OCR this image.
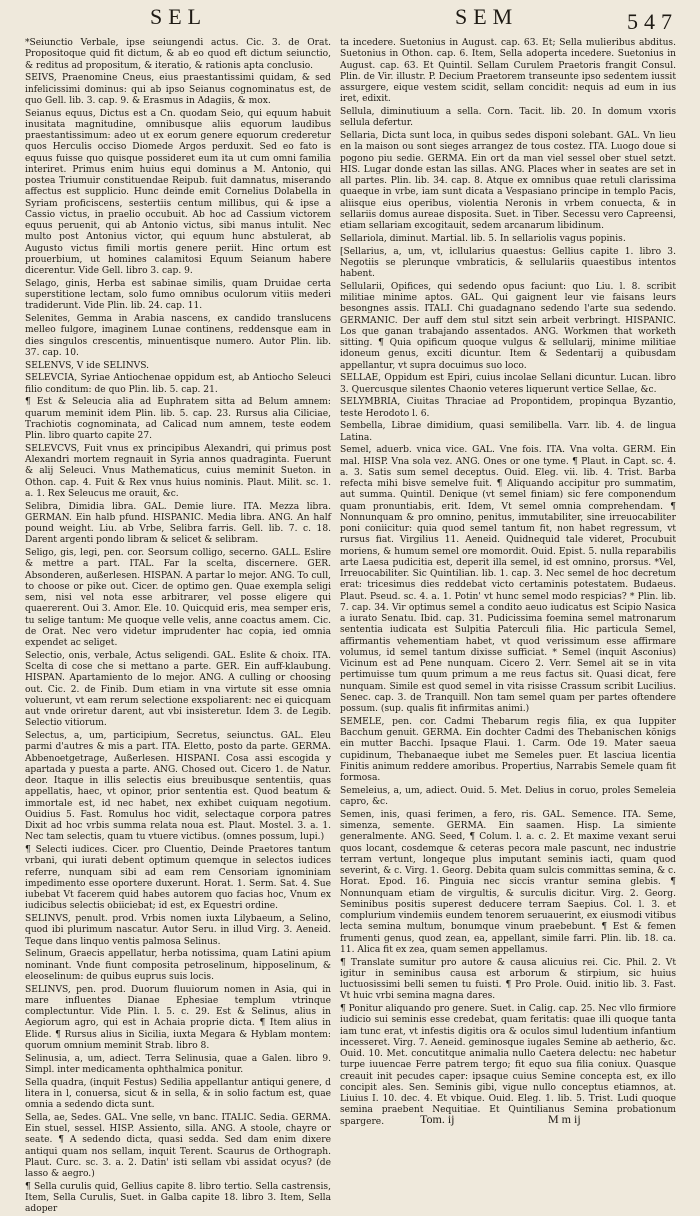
SEL	SEM	547

*Seiunctio Verbale, ipse seiungendi actus. Cic. 3. de Orat. Propositoque quid fit dictum, & ab eo quod eft dictum seiunctio, & reditus ad propositum, & iteratio, & rationis apta conclusio.

SEIVS, Praenomine Cneus, eius praestantissimi quidam, & sed infelicissimi dominus: qui ab ipso Seianus cognominatus est, de quo Gell. lib. 3. cap. 9. & Erasmus in Adagiis, & mox.

Seianus equus, Dictus est a Cn. quodam Seio, qui equum habuit inusitata magnitudine, omnibusque aliis equorum laudibus praestantissimum: adeo ut ex eorum genere equorum crederetur quos Herculis occiso Diomede Argos perduxit. Sed eo fato is equus fuisse quo quisque possideret eum ita ut cum omni familia interiret. Primus enim huius equi dominus a M. Antonio, qui postea Triumuir constituendae Reipub. fuit damnatus, miserando affectus est supplicio. Hunc deinde emit Cornelius Dolabella in Syriam proficiscens, sestertiis centum millibus, qui & ipse a Cassio victus, in praelio occubuit. Ab hoc ad Cassium victorem equus peruenit, qui ab Antonio victus, sibi manus intulit. Nec multo post Antonius victor, qui equum hunc abstulerat, ab Augusto victus fimili mortis genere periit. Hinc ortum est prouerbium, ut homines calamitosi Equum Seianum habere dicerentur. Vide Gell. libro 3. cap. 9.

Selago, ginis, Herba est sabinae similis, quam Druidae certa superstitione lectam, solo fumo omnibus oculorum vitiis mederi tradiderunt. Vide Plin. lib. 24. cap. 11.

Selenites, Gemma in Arabia nascens, ex candido translucens melleo fulgore, imaginem Lunae continens, reddensque eam in dies singulos crescentis, minuentisque numero. Autor Plin. lib. 37. cap. 10.

SELENVS, V ide SELINVS.

SELEVCIA, Syriae Antiochenae oppidum est, ab Antiocho Seleuci filio conditum: de quo Plin. lib. 5. cap. 21.

¶ Est & Seleucia alia ad Euphratem sitta ad Belum amnem: quarum meminit idem Plin. lib. 5. cap. 23. Rursus alia Ciliciae, Trachiotis cognominata, ad Calicad num amnem, teste eodem Plin. libro quarto capite 27.

SELEVCVS, Fuit vnus ex principibus Alexandri, qui primus post Alexandri mortem regnauit in Syria annos quadraginta. Fuerunt & alij Seleuci. Vnus Mathematicus, cuius meminit Sueton. in Othon. cap. 4. Fuit & Rex vnus huius nominis. Plaut. Milit. sc. 1. a. 1. Rex Seleucus me orauit, &c.

Selibra, Dimidia libra. GAL. Demie liure. ITA. Mezza libra. GERMAN. Ein halb pfund. HISPANIC. Media libra. ANG. An half pound weight. Liu. ab Vrbe, Selibra farris. Gell. lib. 7. c. 18. Darent argenti pondo libram & selicet & selibram.

Seligo, gis, legi, pen. cor. Seorsum colligo, secerno. GALL. Eslire & mettre a part. ITAL. Far la scelta, discernere. GER. Absonderen, außerlesen. HISPAN. A partar lo mejor. ANG. To cull, to choose or pike out. Cicer. de optimo gen. Quae exempla seligi sem, nisi vel nota esse arbitrarer, vel posse eligere qui quaererent. Oui 3. Amor. Ele. 10. Quicquid eris, mea semper eris, tu selige tantum: Me quoque velle velis, anne coactus amem. Cic. de Orat. Nec vero videtur imprudenter hac copia, ied omnia expendet ac seliget.

Selectio, onis, verbale, Actus seligendi. GAL. Eslite & choix. ITA. Scelta di cose che si mettano a parte. GER. Ein auff-klaubung. HISPAN. Apartamiento de lo mejor. ANG. A culling or choosing out. Cic. 2. de Finib. Dum etiam in vna virtute sit esse omnia voluerunt, vt eam rerum selectione exspoliarent: nec ei quicquam aut vnde oriretur darent, aut vbi insisteretur. Idem 3. de Legib. Selectio vitiorum.

Selectus, a, um, participium, Secretus, seiunctus. GAL. Eleu parmi d'autres & mis a part. ITA. Eletto, posto da parte. GERMA. Abbenoetgetrage, Außerlesen. HISPANI. Cosa assi escogida y apartada y puesta a parte. ANG. Chosed out. Cicero 1. de Natur. deor. Itaque in illis selectis eius breuibusque sententiis, quas appellatis, haec, vt opinor, prior sententia est. Quod beatum & immortale est, id nec habet, nex exhibet cuiquam negotium. Ouidius 5. Fast. Romulus hoc vidit, selectaque corpora patres Dixit ad hoc vrbis summa relata noua est. Plaut. Mostel. 3. a. 1. Nec tam selectis, quam tu vtuere victibus. (omnes possum, lupi.)

¶ Selecti iudices. Cicer. pro Cluentio, Deinde Praetores tantum vrbani, qui iurati debent optimum quemque in selectos iudices referre, nunquam sibi ad eam rem Censoriam ignominiam impedimento esse oportere duxerunt. Horat. 1. Serm. Sat. 4. Sue iubebat Vt facerem quid habes autorem quo facias hoc, Vnum ex iudicibus selectis obiiciebat; id est, ex Equestri ordine.

SELINVS, penult. prod. Vrbis nomen iuxta Lilybaeum, a Selino, quod ibi plurimum nascatur. Autor Seru. in illud Virg. 3. Aeneid. Teque dans linquo ventis palmosa Selinus.

Selinum, Graecis appellatur, herba notissima, quam Latini apium nominant. Vnde fiunt composita petroselinum, hipposelinum, & eleoselinum: de quibus euprus suis locis.

SELINVS, pen. prod. Duorum fluuiorum nomen in Asia, qui in mare influentes Dianae Ephesiae templum vtrinque complectuntur. Vide Plin. l. 5. c. 29. Est & Selinus, alius in Aegiorum agro, qui est in Achaia proprie dicta. ¶ Item alius in Elide. ¶ Rursus alius in Sicilia, iuxta Megara & Hyblam montem: quorum omnium meminit Strab. libro 8.

Selinusia, a, um, adiect. Terra Selinusia, quae a Galen. libro 9. Simpl. inter medicamenta ophthalmica ponitur.

Sella quadra, (inquit Festus) Sedilia appellantur antiqui genere, d litera in l, conuersa, sicut & in sella, & in solio factum est, quae omnia a sedendo dicta sunt.

Sella, ae, Sedes. GAL. Vne selle, vn banc. ITALIC. Sedia. GERMA. Ein stuel, sessel. HISP. Assiento, silla. ANG. A stoole, chayre or seate. ¶ A sedendo dicta, quasi sedda. Sed dam enim dixere antiqui quam nos sellam, inquit Terent. Scaurus de Orthograph. Plaut. Curc. sc. 3. a. 2. Datin' isti sellam vbi assidat ocyus? (de lasso & aegro.)

¶ Sella curulis quid, Gellius capite 8. libro tertio. Sella castrensis, Item, Sella Curulis, Suet. in Galba capite 18. libro 3. Item, Sella adoper

ta incedere. Suetonius in August. cap. 63. Et; Sella mulieribus abditus. Suetonius in Othon. cap. 6. Item, Sella adoperta incedere. Suetonius in August. cap. 63. Et Quintil. Sellam Curulem Praetoris frangit Consul. Plin. de Vir. illustr. P. Decium Praetorem transeunte ipso sedentem iussit assurgere, eique vestem scidit, sellam concidit: nequis ad eum in ius iret, edixit.

Sellula, diminutiuum a sella. Corn. Tacit. lib. 20. In domum vxoris sellula defertur.

Sellaria, Dicta sunt loca, in quibus sedes disponi solebant. GAL. Vn lieu en la maison ou sont sieges arrangez de tous costez. ITA. Luogo doue si pogono piu sedie. GERMA. Ein ort da man viel sessel ober stuel setzt. HIS. Lugar donde estan las sillas. ANG. Places wher in seates are set in all partes. Plin. lib. 34. cap. 8. Atque ex omnibus quae retuli clarissima quaeque in vrbe, iam sunt dicata a Vespasiano principe in templo Pacis, aliisque eius operibus, violentia Neronis in vrbem conuecta, & in sellariis domus aureae disposita. Suet. in Tiber. Secessu vero Capreensi, etiam sellariam excogitauit, sedem arcanarum libidinum.

Sellariola, diminut. Martial. lib. 5. In sellariolis vagus popinis.

[Sellarius, a, um, vt, icllularius quaestus: Gellius capite 1. libro 3. Negotiis se plerunque vmbraticis, & sellulariis quaestibus intentos habent.

Sellularii, Opifices, qui sedendo opus faciunt: quo Liu. l. 8. scribit militiae minime aptos. GAL. Qui gaignent leur vie faisans leurs besongnes assis. ITALI. Chi guadagnano sedendo l'arte sua sedendo. GERMANIC. Der auff dem stul sitzt sein arbeit verbringt. HISPANIC. Los que ganan trabajando assentados. ANG. Workmen that worketh sitting. ¶ Quia opificum quoque vulgus & sellularij, minime militiae idoneum genus, exciti dicuntur. Item & Sedentarij a quibusdam appellantur, vt supra docuimus suo loco.

SELLAE, Oppidum est Epiri, cuius incolae Sellani dicuntur. Lucan. libro 3. Quercusque silentes Chaonio veteres liquerunt vertice Sellae, &c.

SELYMBRIA, Ciuitas Thraciae ad Propontidem, propinqua Byzantio, teste Herodoto l. 6.

Sembella, Librae dimidium, quasi semilibella. Varr. lib. 4. de lingua Latina.

Semel, aduerb. vnica vice. GAL. Vne fois. ITA. Vna volta. GERM. Ein mal. HISP. Vna sola vez. ANG. Ones or one tyme. ¶ Plaut. in Capt. sc. 4. a. 3. Satis sum semel deceptus. Ouid. Eleg. vii. lib. 4. Trist. Barba refecta mihi bisve semelve fuit. ¶ Aliquando accipitur pro summatim, aut summa. Quintil. Denique (vt semel finiam) sic fere componendum quam pronuntiabis, erit. Idem, Vt semel omnia comprehendam. ¶ Nonnunquam & pro omnino, penitus, immutabiliter, sine irreuocabiliter poni coniicitur: quia quod semel tantum fit, non habet regressum, vt rursus fiat. Virgilius 11. Aeneid. Quidnequid tale videret, Procubuit moriens, & humum semel ore momordit. Ouid. Epist. 5. nulla reparabilis arte Laesa pudicitia est, deperit illa semel, id est omnino, prorsus. *Vel, Irreuocabiliter. Sic Quintilian. lib. 1. cap. 3. Nec semel de hoc decretum erat: tricesimus dies reddebat victo certaminis potestatem. Budaeus. Plaut. Pseud. sc. 4. a. 1. Potin' vt hunc semel modo respicias? * Plin. lib. 7. cap. 34. Vir optimus semel a condito aeuo iudicatus est Scipio Nasica a iurato Senatu. Ibid. cap. 31. Pudicissima foemina semel matronarum sententia iudicata est Sulpitia Paterculi filia. Hic particula Semel, affirmantis vehementiam habet, vt quod verissimum esse affirmare volumus, id semel tantum dixisse sufficiat. * Semel (inquit Asconius) Vicinum est ad Pene nunquam. Cicero 2. Verr. Semel ait se in vita pertimuisse tum quum primum a me reus factus sit. Quasi dicat, fere nunquam. Simile est quod semel in vita risisse Crassum scribit Lucilius. Senec. cap. 3. de Tranquill. Non tam semel quam per partes oftendere possum. (sup. qualis fit infirmitas animi.)

SEMELE, pen. cor. Cadmi Thebarum regis filia, ex qua Iuppiter Bacchum genuit. GERMA. Ein dochter Cadmi des Thebanischen königs ein mutter Bacchi. Ipsaque Flaui. 1. Carm. Ode 19. Mater saeua cupidinum, Thebanaeque iubet me Semeles puer. Et lasciua licentia Finitis animum reddere amoribus. Propertius, Narrabis Semele quam fit formosa.

Semeleius, a, um, adiect. Ouid. 5. Met. Delius in coruo, proles Semeleia capro, &c.

Semen, inis, quasi ferimen, a fero, ris. GAL. Semence. ITA. Seme, simenza, semente. GERMA. Ein saamen. Hisp. La simiente generalmente. ANG. Seed, ¶ Colum. l. a. c. 2. Et maxime vexant serui quos locant, cosdemque & ceteras pecora male pascunt, nec industrie terram vertunt, longeque plus imputant seminis iacti, quam quod severint, & c. Virg. 1. Georg. Debita quam sulcis committas semina, & c. Horat. Epod. 16. Pinguia nec siccis vrantur semina glebis. ¶ Nonnunquam etiam de virgultis, & surculis dicitur. Virg. 2. Georg. Seminibus positis superest deducere terram Saepius. Col. l. 3. et complurium vindemiis eundem tenorem seruauerint, ex eiusmodi vitibus lecta semina multum, bonumque vinum praebebunt. ¶ Est & femen frumenti genus, quod zean, ea, appellant, simile farri. Plin. lib. 18. ca. 11. Alica fit ex zea, quam semen appellamus.

¶ Translate sumitur pro autore & causa alicuius rei. Cic. Phil. 2. Vt igitur in seminibus causa est arborum & stirpium, sic huius luctuosissimi belli semen tu fuisti. ¶ Pro Prole. Ouid. initio lib. 3. Fast. Vt huic vrbi semina magna dares.

¶ Ponitur aliquando pro genere. Suet. in Calig. cap. 25. Nec vllo firmiore iudicio sui seminis esse credebat, quam feritatis: quae illi quoque tanta iam tunc erat, vt infestis digitis ora & oculos simul ludentium infantium incesseret. Virg. 7. Aeneid. geminosque iugales Semine ab aetherio, &c. Ouid. 10. Met. concutitque animalia nullo Caetera delectu: nec habetur turpe iuuencae Ferre patrem tergo; fit equo sua filia coniux. Quasque creauit init pecudes caper: ipsaque cuius Semine concepta est, ex illo concipit ales. Sen. Seminis gibi, vigue nullo conceptus etiamnos, at. Liuius I. 10. dec. 4. Et vbique. Ouid. Eleg. 1. lib. 5. Trist. Ludi quoque semina praebent Nequitiae. Et Quintilianus Semina probationum spargere.	Tom. ij	M m ij
